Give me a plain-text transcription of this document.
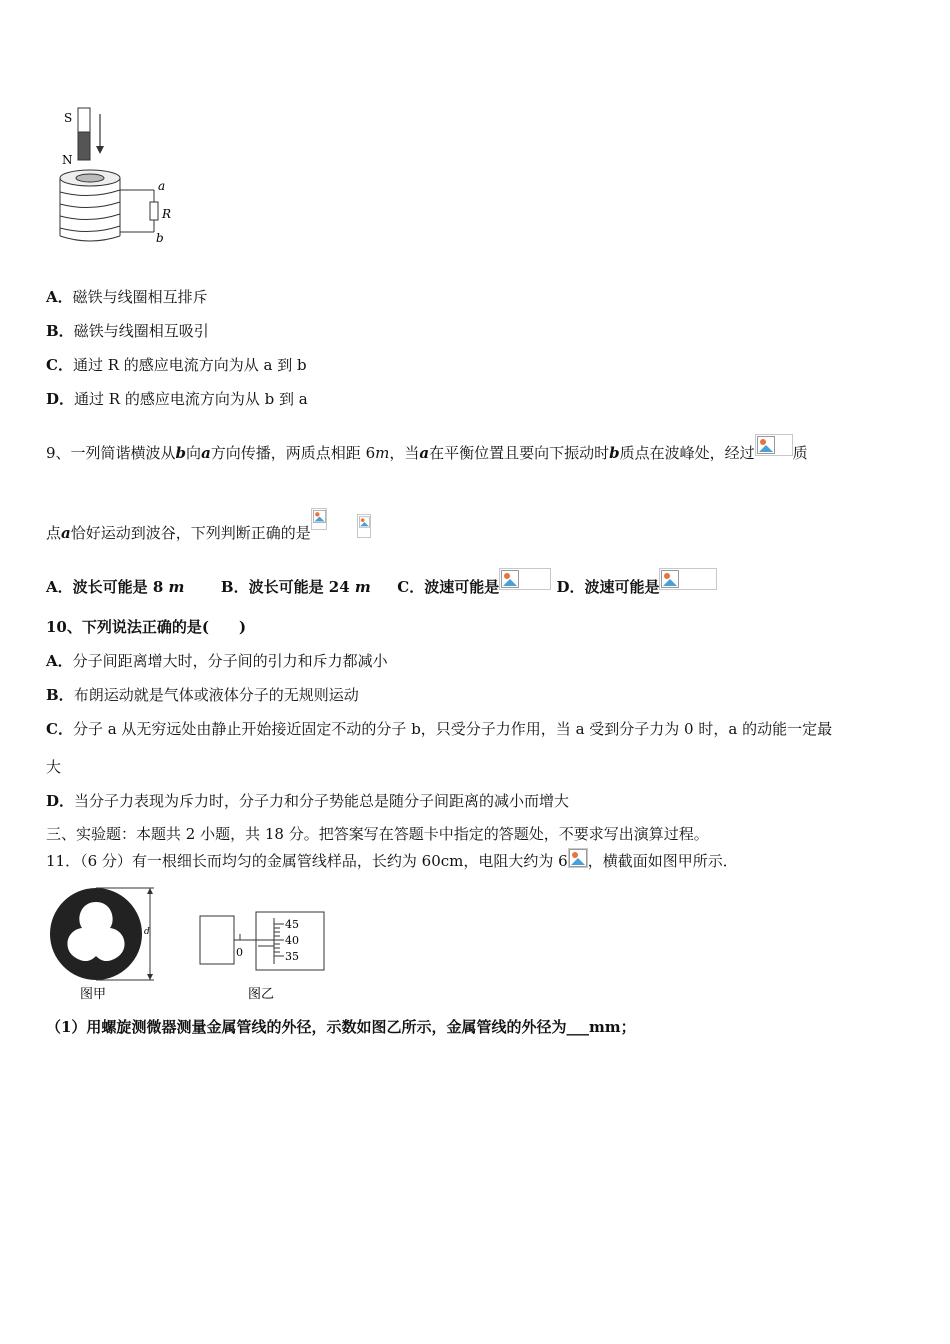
S
N
a
R
b
A．磁铁与线圈相互排斥
B．磁铁与线圈相互吸引
C．通过 R 的感应电流方向为从 a 到 b
D．通过 R 的感应电流方向为从 b 到 a
9、一列简谐横波从b向a方向传播，两质点相距 6m，当a在平衡位置且要向下振动时b质点在波峰处，经过	质
点a恰好运动到波谷，下列判断正确的是
A．波长可能是 8 m B．波长可能是 24 m C．波速可能是	D．波速可能是
10、下列说法正确的是(　　)
A．分子间距离增大时，分子间的引力和斥力都减小
B．布朗运动就是气体或液体分子的无规则运动
C．分子 a 从无穷远处由静止开始接近固定不动的分子 b，只受分子力作用，当 a 受到分子力为 0 时，a 的动能一定最
大
D．当分子力表现为斥力时，分子力和分子势能总是随分子间距离的减小而增大
三、实验题：本题共 2 小题，共 18 分。把答案写在答题卡中指定的答题处，不要求写出演算过程。
11．（6 分）有一根细长而均匀的金属管线样品，长约为 60cm，电阻大约为 6 ，横截面如图甲所示．
d
图甲
45
40
35
0
图乙
（1）用螺旋测微器测量金属管线的外径，示数如图乙所示，金属管线的外径为___mm；
